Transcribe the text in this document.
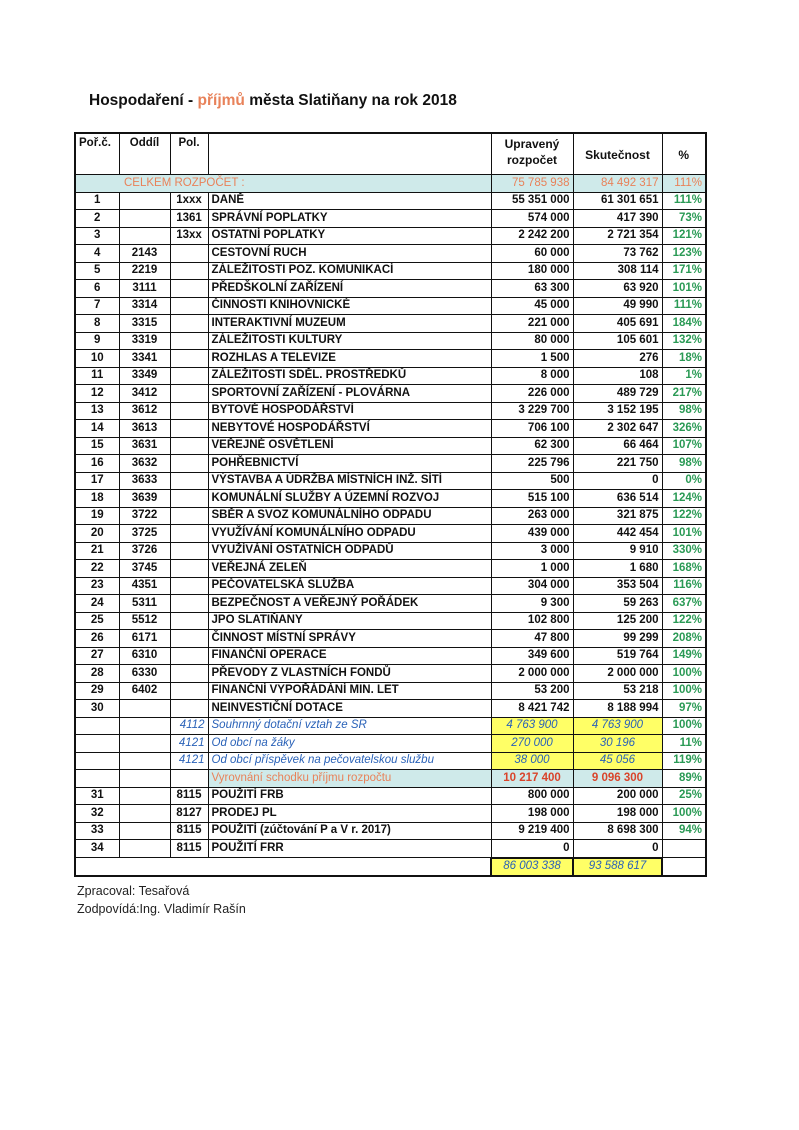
Hospodaření - příjmů města Slatiňany na rok 2018
Poř.č.	Oddíl	Pol.		Upravený rozpočet	Skutečnost	%
CELKEM ROZPOČET :				75 785 938	84 492 317	111%
1		1xxx	DANĚ	55 351 000	61 301 651	111%
2		1361	SPRÁVNÍ POPLATKY	574 000	417 390	73%
3		13xx	OSTATNÍ POPLATKY	2 242 200	2 721 354	121%
4	2143		CESTOVNÍ RUCH	60 000	73 762	123%
5	2219		ZÁLEŽITOSTI POZ. KOMUNIKACÍ	180 000	308 114	171%
6	3111		PŘEDŠKOLNÍ ZAŘÍZENÍ	63 300	63 920	101%
7	3314		ČINNOSTI KNIHOVNICKÉ	45 000	49 990	111%
8	3315		INTERAKTIVNÍ MUZEUM	221 000	405 691	184%
9	3319		ZÁLEŽITOSTI KULTURY	80 000	105 601	132%
10	3341		ROZHLAS A TELEVIZE	1 500	276	18%
11	3349		ZÁLEŽITOSTI SDĚL. PROSTŘEDKŮ	8 000	108	1%
12	3412		SPORTOVNÍ ZAŘÍZENÍ - PLOVÁRNA	226 000	489 729	217%
13	3612		BYTOVÉ HOSPODÁŘSTVÍ	3 229 700	3 152 195	98%
14	3613		NEBYTOVÉ HOSPODÁŘSTVÍ	706 100	2 302 647	326%
15	3631		VEŘEJNÉ OSVĚTLENÍ	62 300	66 464	107%
16	3632		POHŘEBNICTVÍ	225 796	221 750	98%
17	3633		VÝSTAVBA A ÚDRŽBA MÍSTNÍCH INŽ. SÍTÍ	500	0	0%
18	3639		KOMUNÁLNÍ SLUŽBY A ÚZEMNÍ ROZVOJ	515 100	636 514	124%
19	3722		SBĚR A SVOZ KOMUNÁLNÍHO ODPADU	263 000	321 875	122%
20	3725		VYUŽÍVÁNÍ KOMUNÁLNÍHO ODPADU	439 000	442 454	101%
21	3726		VYUŽÍVÁNÍ OSTATNÍCH ODPADŮ	3 000	9 910	330%
22	3745		VEŘEJNÁ ZELEŇ	1 000	1 680	168%
23	4351		PEČOVATELSKÁ SLUŽBA	304 000	353 504	116%
24	5311		BEZPEČNOST A VEŘEJNÝ POŘÁDEK	9 300	59 263	637%
25	5512		JPO SLATIŇANY	102 800	125 200	122%
26	6171		ČINNOST MÍSTNÍ SPRÁVY	47 800	99 299	208%
27	6310		FINANČNÍ OPERACE	349 600	519 764	149%
28	6330		PŘEVODY Z VLASTNÍCH FONDŮ	2 000 000	2 000 000	100%
29	6402		FINANČNÍ VYPOŘÁDÁNÍ MIN. LET	53 200	53 218	100%
30			NEINVESTIČNÍ DOTACE	8 421 742	8 188 994	97%
		4112	Souhrnný dotační vztah ze SR	4 763 900	4 763 900	100%
		4121	Od obcí na žáky	270 000	30 196	11%
		4121	Od obcí příspěvek na pečovatelskou službu	38 000	45 056	119%
			Vyrovnání schodku příjmu rozpočtu	10 217 400	9 096 300	89%
31		8115	POUŽITÍ FRB	800 000	200 000	25%
32		8127	PRODEJ PL	198 000	198 000	100%
33		8115	POUŽITÍ (zúčtování P a V r. 2017)	9 219 400	8 698 300	94%
34		8115	POUŽITÍ FRR	0	0	
				86 003 338	93 588 617	
Zpracoval: Tesařová
Zodpovídá:Ing. Vladimír Rašín
